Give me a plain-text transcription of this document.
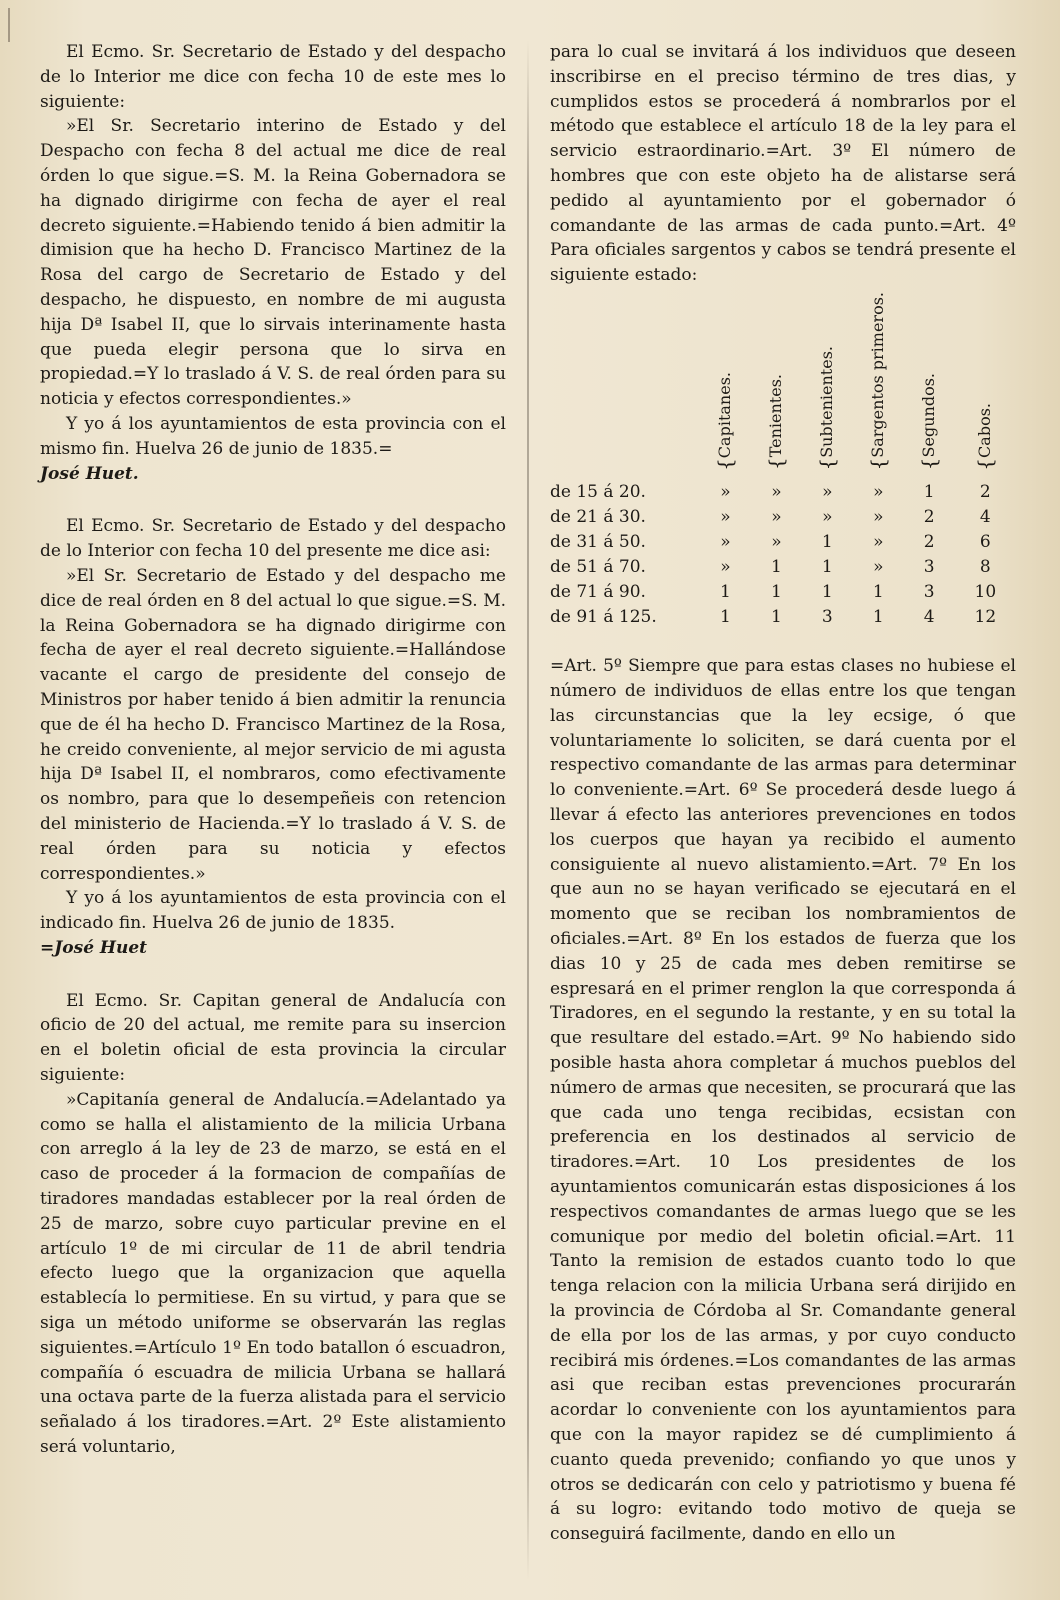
El Ecmo. Sr. Secretario de Estado y del despacho de lo Interior me dice con fecha 10 de este mes lo siguiente:

»El Sr. Secretario interino de Estado y del Despacho con fecha 8 del actual me dice de real órden lo que sigue.=S. M. la Reina Gobernadora se ha dignado dirigirme con fecha de ayer el real decreto siguiente.=Habiendo tenido á bien admitir la dimision que ha hecho D. Francisco Martinez de la Rosa del cargo de Secretario de Estado y del despacho, he dispuesto, en nombre de mi augusta hija Dª Isabel II, que lo sirvais interinamente hasta que pueda elegir persona que lo sirva en propiedad.=Y lo traslado á V. S. de real órden para su noticia y efectos correspondientes.»

Y yo á los ayuntamientos de esta provincia con el mismo fin. Huelva 26 de junio de 1835.=
José Huet.

El Ecmo. Sr. Secretario de Estado y del despacho de lo Interior con fecha 10 del presente me dice asi:

»El Sr. Secretario de Estado y del despacho me dice de real órden en 8 del actual lo que sigue.=S. M. la Reina Gobernadora se ha dignado dirigirme con fecha de ayer el real decreto siguiente.=Hallándose vacante el cargo de presidente del consejo de Ministros por haber tenido á bien admitir la renuncia que de él ha hecho D. Francisco Martinez de la Rosa, he creido conveniente, al mejor servicio de mi agusta hija Dª Isabel II, el nombraros, como efectivamente os nombro, para que lo desempeñeis con retencion del ministerio de Hacienda.=Y lo traslado á V. S. de real órden para su noticia y efectos correspondientes.»

Y yo á los ayuntamientos de esta provincia con el indicado fin. Huelva 26 de junio de 1835.
=José Huet

El Ecmo. Sr. Capitan general de Andalucía con oficio de 20 del actual, me remite para su insercion en el boletin oficial de esta provincia la circular siguiente:

»Capitanía general de Andalucía.=Adelantado ya como se halla el alistamiento de la milicia Urbana con arreglo á la ley de 23 de marzo, se está en el caso de proceder á la formacion de compañías de tiradores mandadas establecer por la real órden de 25 de marzo, sobre cuyo particular previne en el artículo 1º de mi circular de 11 de abril tendria efecto luego que la organizacion que aquella establecía lo permitiese. En su virtud, y para que se siga un método uniforme se observarán las reglas siguientes.=Artículo 1º En todo batallon ó escuadron, compañía ó escuadra de milicia Urbana se hallará una octava parte de la fuerza alistada para el servicio señalado á los tiradores.=Art. 2º Este alistamiento será voluntario,

para lo cual se invitará á los individuos que deseen inscribirse en el preciso término de tres dias, y cumplidos estos se procederá á nombrarlos por el método que establece el artículo 18 de la ley para el servicio estraordinario.=Art. 3º El número de hombres que con este objeto ha de alistarse será pedido al ayuntamiento por el gobernador ó comandante de las armas de cada punto.=Art. 4º Para oficiales sargentos y cabos se tendrá presente el siguiente estado:

	{Capitanes.	{Tenientes.	{Subtenientes.	{Sargentos primeros.	{Segundos.	{Cabos.
de 15 á 20.	»	»	»	»	1	2
de 21 á 30.	»	»	»	»	2	4
de 31 á 50.	»	»	1	»	2	6
de 51 á 70.	»	1	1	»	3	8
de 71 á 90.	1	1	1	1	3	10
de 91 á 125.	1	1	3	1	4	12

=Art. 5º Siempre que para estas clases no hubiese el número de individuos de ellas entre los que tengan las circunstancias que la ley ecsige, ó que voluntariamente lo soliciten, se dará cuenta por el respectivo comandante de las armas para determinar lo conveniente.=Art. 6º Se procederá desde luego á llevar á efecto las anteriores prevenciones en todos los cuerpos que hayan ya recibido el aumento consiguiente al nuevo alistamiento.=Art. 7º En los que aun no se hayan verificado se ejecutará en el momento que se reciban los nombramientos de oficiales.=Art. 8º En los estados de fuerza que los dias 10 y 25 de cada mes deben remitirse se espresará en el primer renglon la que corresponda á Tiradores, en el segundo la restante, y en su total la que resultare del estado.=Art. 9º No habiendo sido posible hasta ahora completar á muchos pueblos del número de armas que necesiten, se procurará que las que cada uno tenga recibidas, ecsistan con preferencia en los destinados al servicio de tiradores.=Art. 10 Los presidentes de los ayuntamientos comunicarán estas disposiciones á los respectivos comandantes de armas luego que se les comunique por medio del boletin oficial.=Art. 11 Tanto la remision de estados cuanto todo lo que tenga relacion con la milicia Urbana será dirijido en la provincia de Córdoba al Sr. Comandante general de ella por los de las armas, y por cuyo conducto recibirá mis órdenes.=Los comandantes de las armas asi que reciban estas prevenciones procurarán acordar lo conveniente con los ayuntamientos para que con la mayor rapidez se dé cumplimiento á cuanto queda prevenido; confiando yo que unos y otros se dedicarán con celo y patriotismo y buena fé á su logro: evitando todo motivo de queja se conseguirá facilmente, dando en ello un
